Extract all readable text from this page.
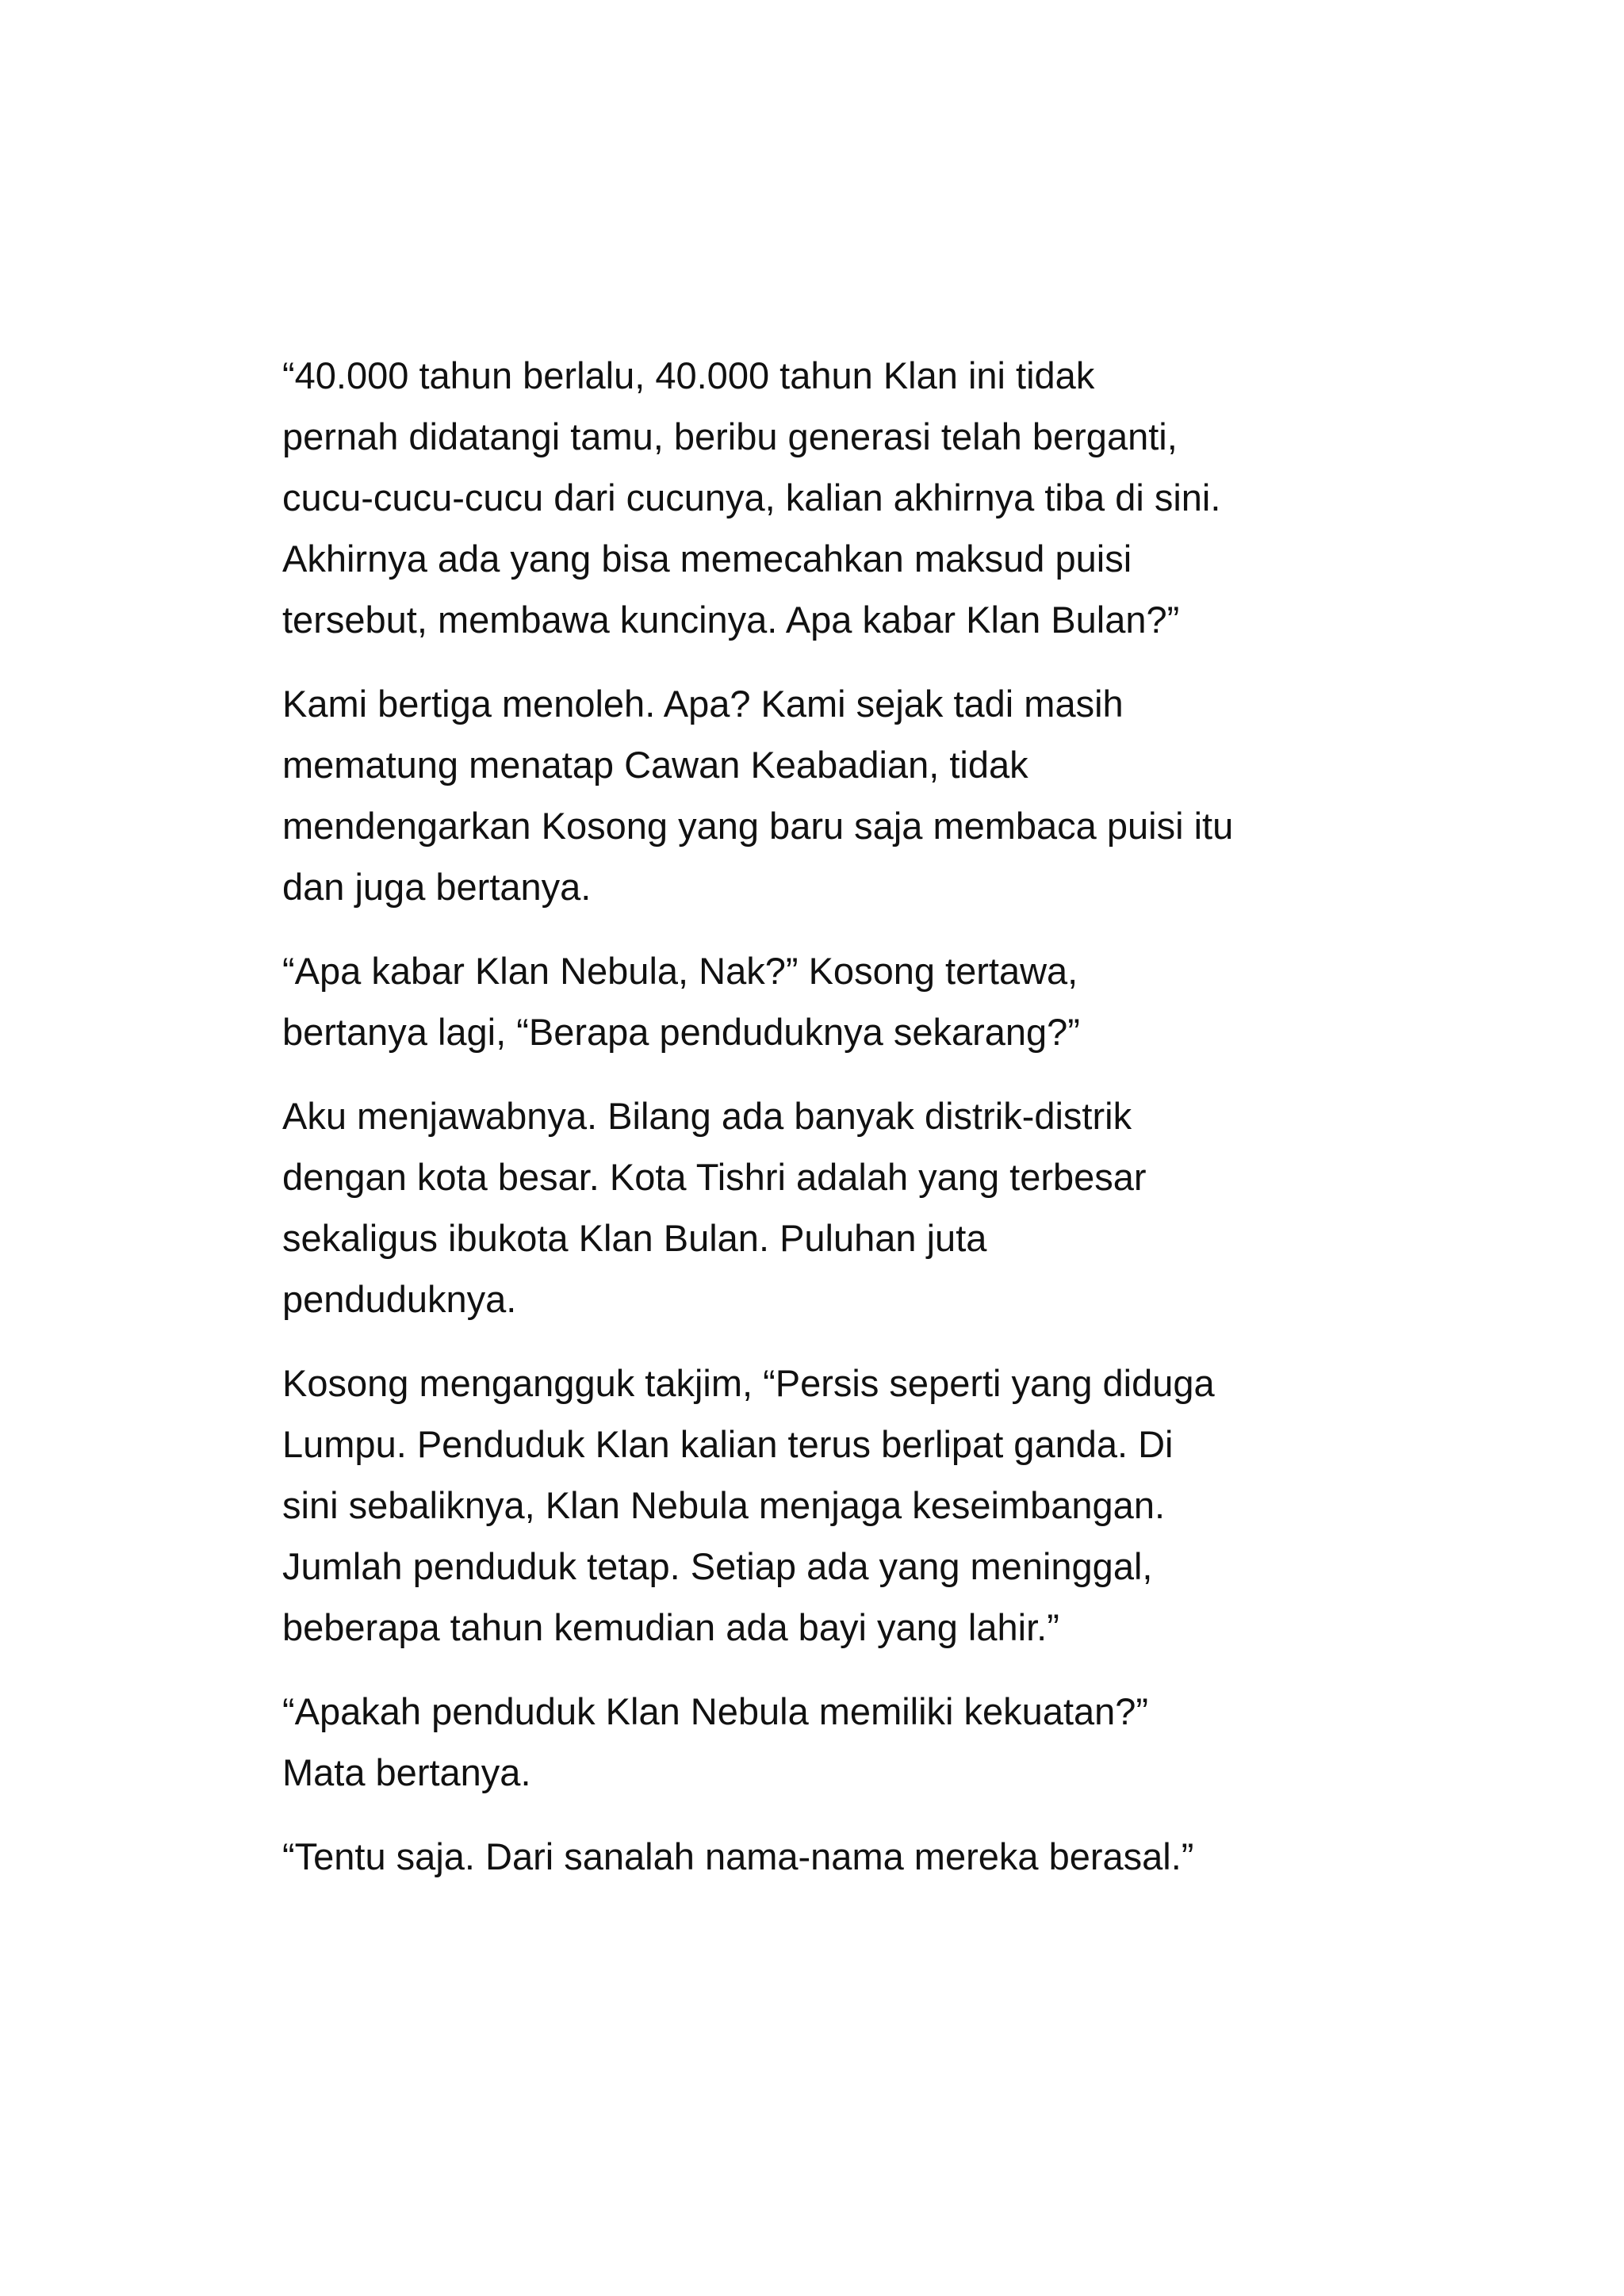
“40.000 tahun berlalu, 40.000 tahun Klan ini tidak
pernah didatangi tamu, beribu generasi telah berganti,
cucu-cucu-cucu dari cucunya, kalian akhirnya tiba di sini.
Akhirnya ada yang bisa memecahkan maksud puisi
tersebut, membawa kuncinya. Apa kabar Klan Bulan?”

Kami bertiga menoleh. Apa? Kami sejak tadi masih
mematung menatap Cawan Keabadian, tidak
mendengarkan Kosong yang baru saja membaca puisi itu
dan juga bertanya.

“Apa kabar Klan Nebula, Nak?” Kosong tertawa,
bertanya lagi, “Berapa penduduknya sekarang?”

Aku menjawabnya. Bilang ada banyak distrik-distrik
dengan kota besar. Kota Tishri adalah yang terbesar
sekaligus ibukota Klan Bulan. Puluhan juta
penduduknya.

Kosong mengangguk takjim, “Persis seperti yang diduga
Lumpu. Penduduk Klan kalian terus berlipat ganda. Di
sini sebaliknya, Klan Nebula menjaga keseimbangan.
Jumlah penduduk tetap. Setiap ada yang meninggal,
beberapa tahun kemudian ada bayi yang lahir.”

“Apakah penduduk Klan Nebula memiliki kekuatan?”
Mata bertanya.

“Tentu saja. Dari sanalah nama-nama mereka berasal.”
